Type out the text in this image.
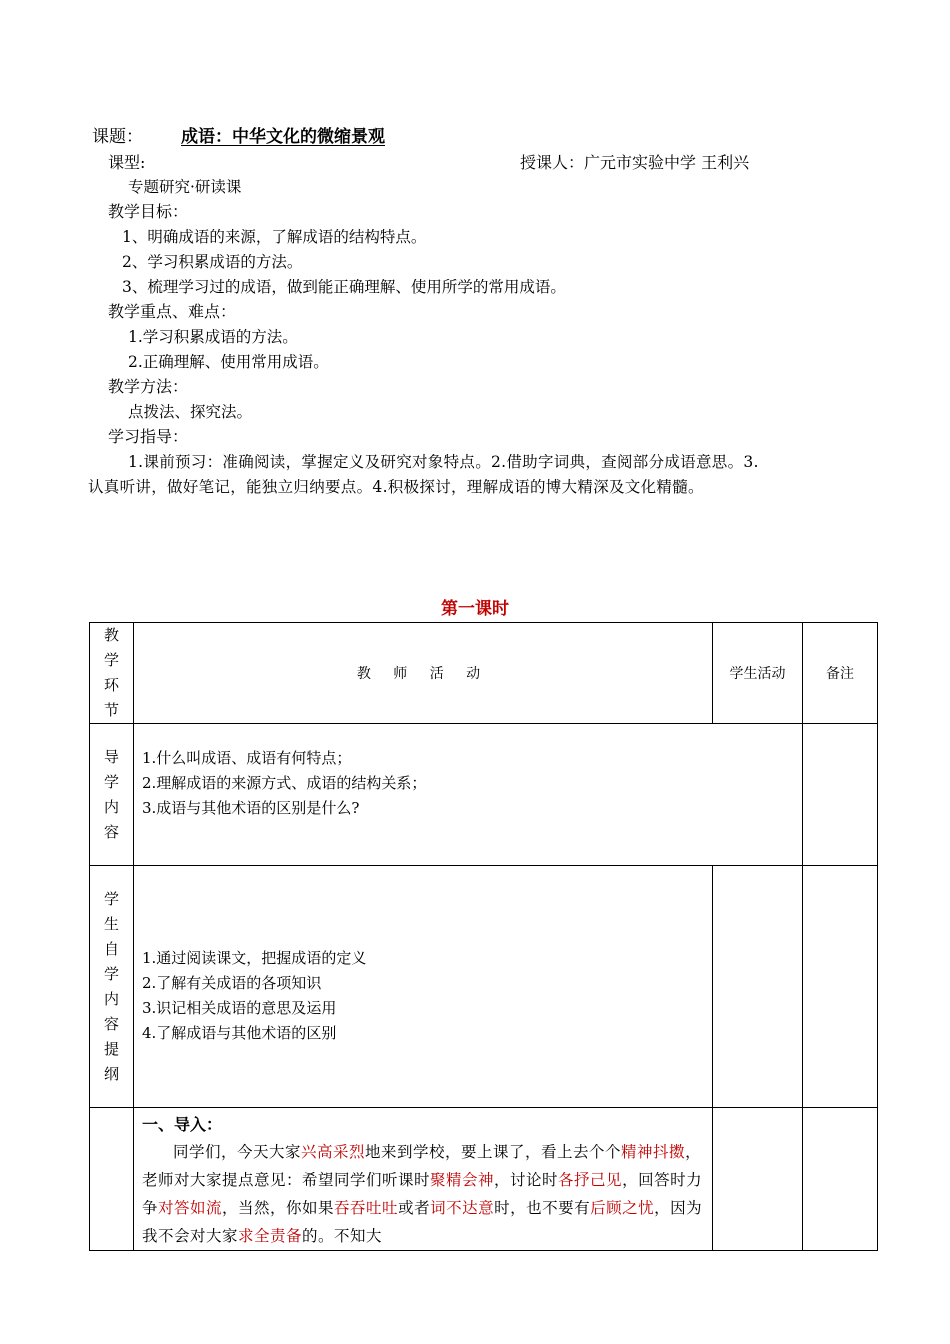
课题： 成语：中华文化的微缩景观
课型:	授课人：广元市实验中学 王利兴
专题研究·研读课
教学目标：
1、明确成语的来源，了解成语的结构特点。
2、学习积累成语的方法。
3、梳理学习过的成语，做到能正确理解、使用所学的常用成语。
教学重点、难点：
1.学习积累成语的方法。
2.正确理解、使用常用成语。
教学方法：
点拨法、探究法。
学习指导：
1.课前预习：准确阅读，掌握定义及研究对象特点。2.借助字词典，查阅部分成语意思。3.
认真听讲，做好笔记，能独立归纳要点。4.积极探讨，理解成语的博大精深及文化精髓。
第一课时
教学环节	教 师 活 动	学生活动	备注
导学内容	1.什么叫成语、成语有何特点；
2.理解成语的来源方式、成语的结构关系；
3.成语与其他术语的区别是什么?		

学生自学内容提纲	1.通过阅读课文，把握成语的定义
2.了解有关成语的各项知识
3.识记相关成语的意思及运用
4.了解成语与其他术语的区别		

	一、导入：
同学们，今天大家兴高采烈地来到学校，要上课了，看上去个个精神抖擞，老师对大家提点意见：希望同学们听课时聚精会神，讨论时各抒己见，回答时力争对答如流，当然，你如果吞吞吐吐或者词不达意时，也不要有后顾之忧，因为我不会对大家求全责备的。不知大		
